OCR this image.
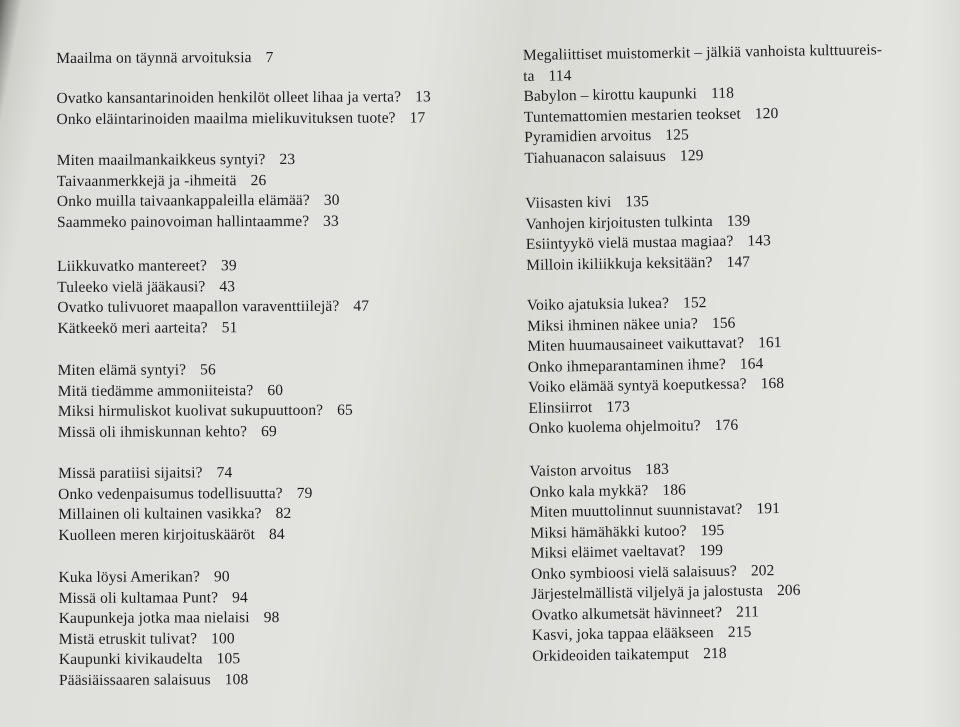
Maailma on täynnä arvoituksia 7
Ovatko kansantarinoiden henkilöt olleet lihaa ja verta? 13
Onko eläintarinoiden maailma mielikuvituksen tuote? 17
Miten maailmankaikkeus syntyi? 23
Taivaanmerkkejä ja -ihmeitä 26
Onko muilla taivaankappaleilla elämää? 30
Saammeko painovoiman hallintaamme? 33
Liikkuvatko mantereet? 39
Tuleeko vielä jääkausi? 43
Ovatko tulivuoret maapallon varaventtiilejä? 47
Kätkeekö meri aarteita? 51
Miten elämä syntyi? 56
Mitä tiedämme ammoniiteista? 60
Miksi hirmuliskot kuolivat sukupuuttoon? 65
Missä oli ihmiskunnan kehto? 69
Missä paratiisi sijaitsi? 74
Onko vedenpaisumus todellisuutta? 79
Millainen oli kultainen vasikka? 82
Kuolleen meren kirjoituskääröt 84
Kuka löysi Amerikan? 90
Missä oli kultamaa Punt? 94
Kaupunkeja jotka maa nielaisi 98
Mistä etruskit tulivat? 100
Kaupunki kivikaudelta 105
Pääsiäissaaren salaisuus 108
Megaliittiset muistomerkit – jälkiä vanhoista kulttuureis-
ta 114
Babylon – kirottu kaupunki 118
Tuntemattomien mestarien teokset 120
Pyramidien arvoitus 125
Tiahuanacon salaisuus 129
Viisasten kivi 135
Vanhojen kirjoitusten tulkinta 139
Esiintyykö vielä mustaa magiaa? 143
Milloin ikiliikkuja keksitään? 147
Voiko ajatuksia lukea? 152
Miksi ihminen näkee unia? 156
Miten huumausaineet vaikuttavat? 161
Onko ihmeparantaminen ihme? 164
Voiko elämää syntyä koeputkessa? 168
Elinsiirrot 173
Onko kuolema ohjelmoitu? 176
Vaiston arvoitus 183
Onko kala mykkä? 186
Miten muuttolinnut suunnistavat? 191
Miksi hämähäkki kutoo? 195
Miksi eläimet vaeltavat? 199
Onko symbioosi vielä salaisuus? 202
Järjestelmällistä viljelyä ja jalostusta 206
Ovatko alkumetsät hävinneet? 211
Kasvi, joka tappaa elääkseen 215
Orkideoiden taikatemput 218
